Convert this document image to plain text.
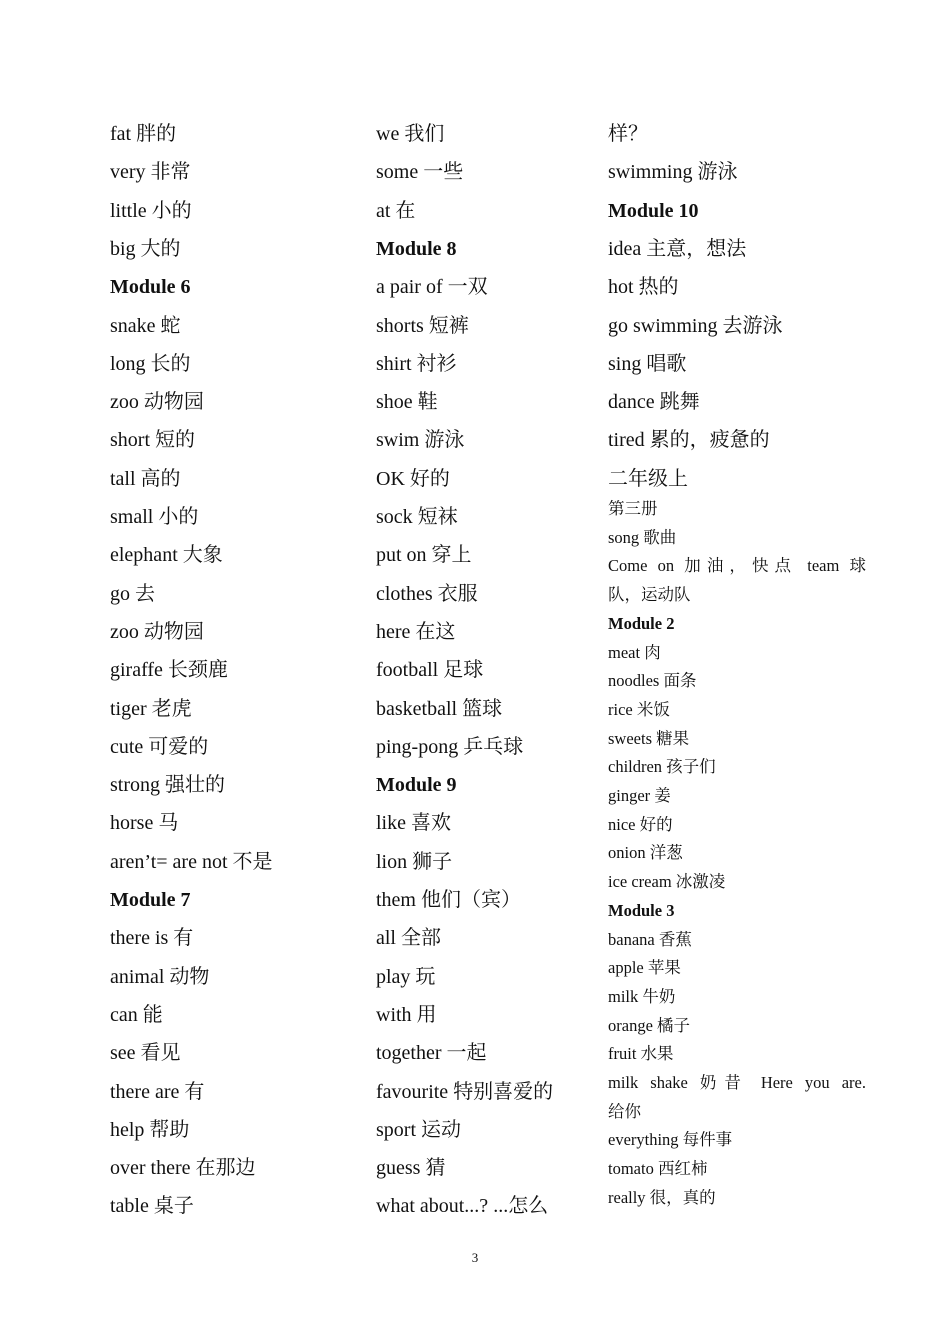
fat 胖的
very 非常
little 小的
big 大的
Module 6
snake 蛇
long 长的
zoo 动物园
short 短的
tall 高的
small 小的
elephant 大象
go 去
zoo 动物园
giraffe 长颈鹿
tiger 老虎
cute 可爱的
strong 强壮的
horse 马
aren’t= are not 不是
Module 7
there is 有
animal 动物
can 能
see 看见
there are 有
help 帮助
over there 在那边
table 桌子
we 我们
some 一些
at 在
Module 8
a pair of 一双
shorts 短裤
shirt 衬衫
shoe 鞋
swim 游泳
OK 好的
sock 短袜
put on 穿上
clothes 衣服
here 在这
football 足球
basketball 篮球
ping-pong 乒乓球
Module 9
like 喜欢
lion 狮子
them 他们（宾）
all 全部
play 玩
with 用
together 一起
favourite 特别喜爱的
sport 运动
guess 猜
what about...? ...怎么
样？
swimming 游泳
Module 10
idea 主意，想法
hot 热的
go swimming 去游泳
sing 唱歌
dance 跳舞
tired 累的，疲惫的
二年级上
第三册
song 歌曲
Come on 加油，快点 team 球
队，运动队
Module 2
meat 肉
noodles 面条
rice 米饭
sweets 糖果
children 孩子们
ginger 姜
nice 好的
onion 洋葱
ice cream 冰激凌
Module 3
banana 香蕉
apple 苹果
milk 牛奶
orange 橘子
fruit 水果
milk shake 奶昔 Here you are.
给你
everything 每件事
tomato 西红柿
really 很，真的
3
